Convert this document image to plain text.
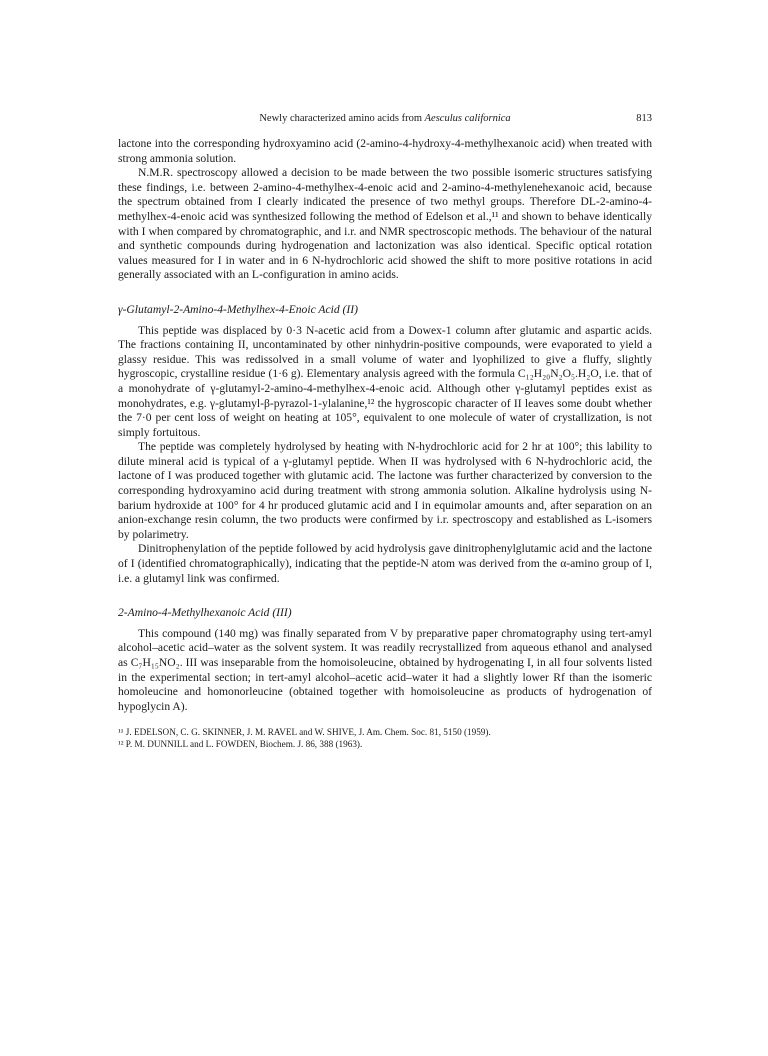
Newly characterized amino acids from Aesculus californica	813

lactone into the corresponding hydroxyamino acid (2-amino-4-hydroxy-4-methylhexanoic acid) when treated with strong ammonia solution.

N.M.R. spectroscopy allowed a decision to be made between the two possible isomeric structures satisfying these findings, i.e. between 2-amino-4-methylhex-4-enoic acid and 2-amino-4-methylenehexanoic acid, because the spectrum obtained from I clearly indicated the presence of two methyl groups. Therefore DL-2-amino-4-methylhex-4-enoic acid was synthesized following the method of Edelson et al.,¹¹ and shown to behave identically with I when compared by chromatographic, and i.r. and NMR spectroscopic methods. The behaviour of the natural and synthetic compounds during hydrogenation and lactonization was also identical. Specific optical rotation values measured for I in water and in 6 N-hydrochloric acid showed the shift to more positive rotations in acid generally associated with an L-configuration in amino acids.

γ-Glutamyl-2-Amino-4-Methylhex-4-Enoic Acid (II)

This peptide was displaced by 0·3 N-acetic acid from a Dowex-1 column after glutamic and aspartic acids. The fractions containing II, uncontaminated by other ninhydrin-positive compounds, were evaporated to yield a glassy residue. This was redissolved in a small volume of water and lyophilized to give a fluffy, slightly hygroscopic, crystalline residue (1·6 g). Elementary analysis agreed with the formula C₁₂H₂₀N₂O₅.H₂O, i.e. that of a monohydrate of γ-glutamyl-2-amino-4-methylhex-4-enoic acid. Although other γ-glutamyl peptides exist as monohydrates, e.g. γ-glutamyl-β-pyrazol-1-ylalanine,¹² the hygroscopic character of II leaves some doubt whether the 7·0 per cent loss of weight on heating at 105°, equivalent to one molecule of water of crystallization, is not simply fortuitous.

The peptide was completely hydrolysed by heating with N-hydrochloric acid for 2 hr at 100°; this lability to dilute mineral acid is typical of a γ-glutamyl peptide. When II was hydrolysed with 6 N-hydrochloric acid, the lactone of I was produced together with glutamic acid. The lactone was further characterized by conversion to the corresponding hydroxyamino acid during treatment with strong ammonia solution. Alkaline hydrolysis using N-barium hydroxide at 100° for 4 hr produced glutamic acid and I in equimolar amounts and, after separation on an anion-exchange resin column, the two products were confirmed by i.r. spectroscopy and established as L-isomers by polarimetry.

Dinitrophenylation of the peptide followed by acid hydrolysis gave dinitrophenylglutamic acid and the lactone of I (identified chromatographically), indicating that the peptide-N atom was derived from the α-amino group of I, i.e. a glutamyl link was confirmed.

2-Amino-4-Methylhexanoic Acid (III)

This compound (140 mg) was finally separated from V by preparative paper chromatography using tert-amyl alcohol–acetic acid–water as the solvent system. It was readily recrystallized from aqueous ethanol and analysed as C₇H₁₅NO₂. III was inseparable from the homoisoleucine, obtained by hydrogenating I, in all four solvents listed in the experimental section; in tert-amyl alcohol–acetic acid–water it had a slightly lower Rf than the isomeric homoleucine and homonorleucine (obtained together with homoisoleucine as products of hydrogenation of hypoglycin A).

¹¹ J. EDELSON, C. G. SKINNER, J. M. RAVEL and W. SHIVE, J. Am. Chem. Soc. 81, 5150 (1959).
¹² P. M. DUNNILL and L. FOWDEN, Biochem. J. 86, 388 (1963).
